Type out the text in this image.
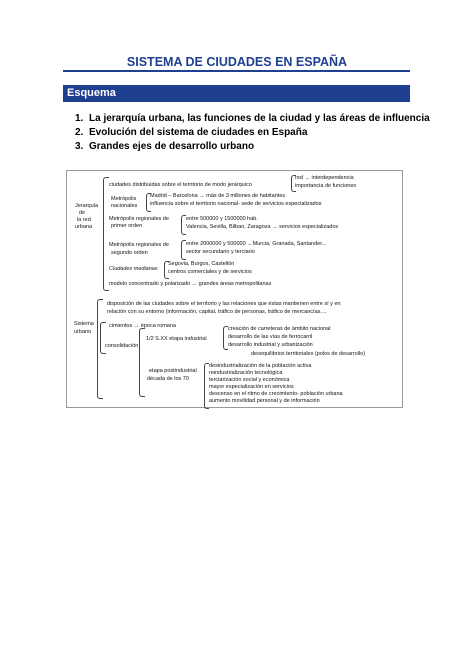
SISTEMA DE CIUDADES EN ESPAÑA
Esquema
1. La jerarquía urbana, las funciones de la ciudad y las áreas de influencia
2. Evolución del sistema de ciudades en España
3. Grandes ejes de desarrollo urbano
Jerarquía
de
la red
urbana
ciudades distribuidas sobre el territorio de modo jerárquico
red → interdependencia
importancia de funciones
Metrópolis
nacionales
Madrid – Barcelona → más de 3 millones de habitantes
influencia sobre el territorio nacional- sede de servicios especializados
Metrópolis regionales de
primer orden
entre 500000 y 1500000 hab.
Valencia, Sevilla, Bilbao, Zaragoza → servicios especializados
Metrópolis regionales de
segundo orden
entre 2000000 y 500000 →Murcia, Granada, Santander...
sector secundario y terciario
Ciudades medianas
Segovia, Burgos, Castellón
centros comerciales y de servicios
modelo concentrado y polarizado → grandes áreas metropolitanas
Sistema
urbano
disposición de las ciudades sobre el territorio y las relaciones que éstas mantienen entre sí y en
relación con su entorno (información, capital, tráfico de personas, tráfico de mercancías....
cimientos → época romana
consolidación
1/2 S.XX etapa industrial
creación de carreteras de ámbito nacional
desarrollo de las vías de ferrocarril
desarrollo industrial y urbanización
desequilibrios territoriales (polos de desarrollo)
etapa postindustrial
década de los 70
desindustrialización de la población activa
reindustrialización tecnológica
terciarización social y económica
mayor especialización en servicios
descenso en el ritmo de crecimiento- población urbana
aumento movilidad personal y de información
